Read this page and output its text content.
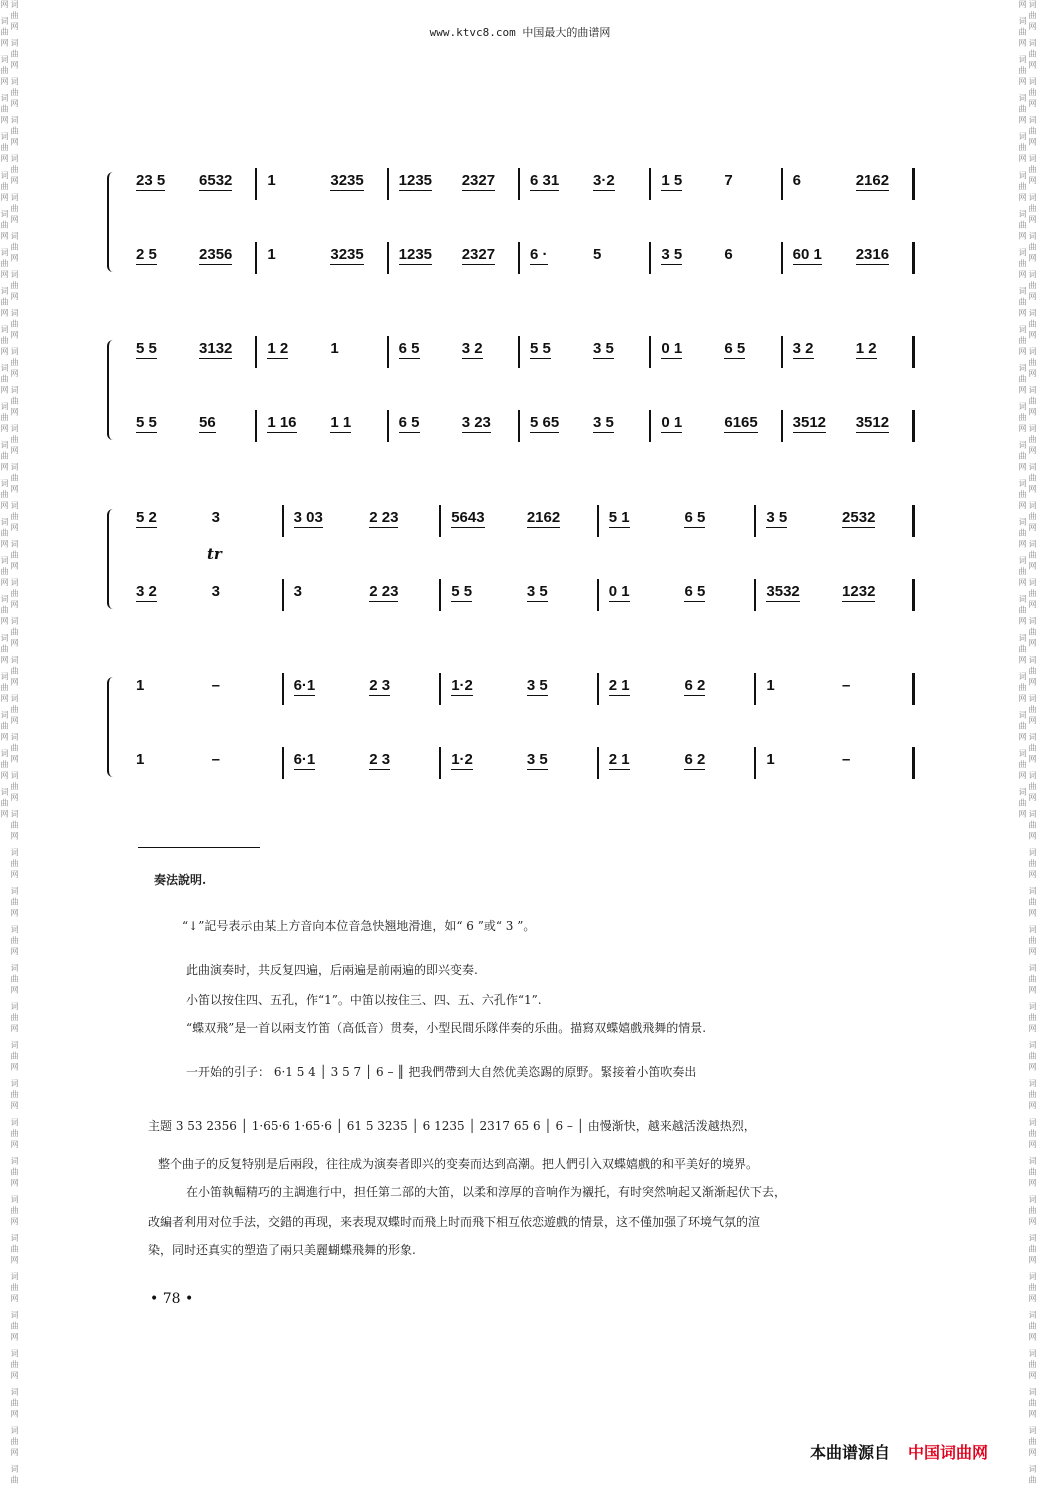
词曲网 词曲网 词曲网 词曲网 词曲网 词曲网 词曲网 词曲网 词曲网 词曲网 词曲网 词曲网 词曲网 词曲网 词曲网 词曲网 词曲网 词曲网 词曲网 词曲网 词曲网 词曲网 词曲网 词曲网 词曲网 词曲网 词曲网 词曲网 词曲网 词曲网 词曲网 词曲网 词曲网 词曲网 词曲网 词曲网 词曲网 词曲网 词曲网 词曲网 词曲网 词曲网 词曲网 词曲网 词曲网 词曲网 词曲网 词曲网 词曲网 词曲网 词曲网 词曲网 词曲网 词曲网 词曲网 词曲网 词曲网 词曲网 词曲网 词曲网	词曲网 词曲网 词曲网 词曲网 词曲网 词曲网 词曲网 词曲网 词曲网 词曲网 词曲网 词曲网 词曲网 词曲网 词曲网 词曲网 词曲网 词曲网 词曲网 词曲网 词曲网 词曲网 词曲网 词曲网 词曲网 词曲网 词曲网 词曲网 词曲网 词曲网 词曲网 词曲网 词曲网 词曲网 词曲网 词曲网 词曲网 词曲网 词曲网 词曲网 词曲网 词曲网 词曲网 词曲网 词曲网 词曲网 词曲网 词曲网 词曲网 词曲网 词曲网 词曲网 词曲网 词曲网 词曲网 词曲网 词曲网 词曲网 词曲网 词曲网
www.ktvc8.com 中国最大的曲谱网
23 5 6532 1	3235 1235 2327 6 31 3·2	1 5	7	6	2162
2 5	2356 1	3235 1235 2327 6 ·	5	3 5	6	60 1 2316
5 5	3132 1 2	1	6 5	3 2	5 5	3 5	0 1	6 5	3 2	1 2
5 5	56	1 16 1 1	6 5	3 23	5 65 3 5	0 1	6165 3512 3512
5 2	3	3 03	2 23	5643	2162	5 1	6 5	3 5	2532
3 2	3	3	2 23	5 5	3 5	0 1	6 5	3532	1232
tr
1	–	6·1	2 3	1·2	3 5	2 1	6 2	1	–
1	–	6·1	2 3	1·2	3 5	2 1	6 2	1	–
奏法說明.
“↓”記号表示由某上方音向本位音急快翘地滑進，如“ 6 ”或“ 3 ”。
此曲演奏时，共反复四遍，后兩遍是前兩遍的即兴变奏.
小笛以按住四、五孔，作“1”。中笛以按住三、四、五、六孔作“1”.
“蝶双飛”是一首以兩支竹笛（高低音）贯奏，小型民間乐隊伴奏的乐曲。描寫双蝶嬉戲飛舞的情景.
一开始的引子： 6·1 5 4 │ 3 5 7 │ 6 – ║ 把我們帶到大自然优美恣踢的原野。緊接着小笛吹奏出
主题 3 53 2356 │ 1·65·6 1·65·6 │ 61 5 3235 │ 6 1235 │ 2317 65 6 │ 6 – │ 由慢渐快，越来越活泼越热烈，
整个曲子的反复特别是后兩段，往往成为演奏者即兴的变奏而达到高潮。把人們引入双蝶嬉戲的和平美好的境界。
在小笛執輻精巧的主調進行中，担任第二部的大笛，以柔和淳厚的音响作为襯托，有时突然响起又渐渐起伏下去，
改編者利用对位手法，交錯的再现，来表現双蝶时而飛上时而飛下相互依恋遊戲的情景，这不僅加强了环境气氛的渲
染，同时还真实的塑造了兩只美麗蝴蝶飛舞的形象.
• 78 •
本曲谱源自 中国词曲网
